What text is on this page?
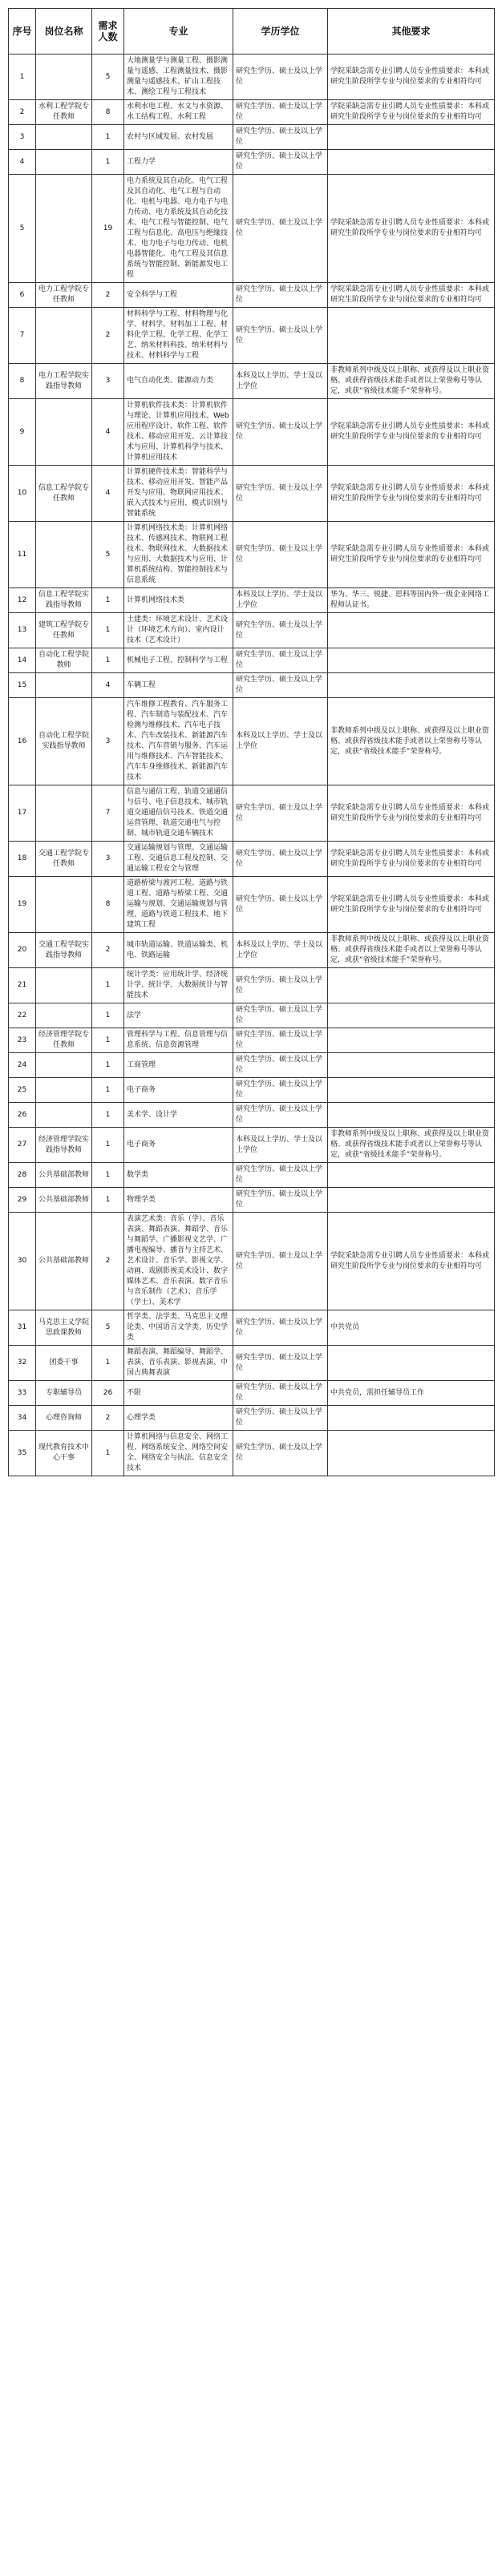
序号	岗位名称	需求人数	专业	学历学位	其他要求
1		5	大地测量学与测量工程、摄影测量与遥感、工程测量技术、摄影测量与遥感技术、矿山工程技术、测绘工程与工程技术	研究生学历、硕士及以上学位	学院采缺急需专业引聘人员专业性质要求：本科或研究生阶段所学专业与岗位要求的专业相符均可
2	水利工程学院专任教师	8	水利水电工程、水文与水资源、水工结构工程、水利工程	研究生学历、硕士及以上学位	学院采缺急需专业引聘人员专业性质要求：本科或研究生阶段所学专业与岗位要求的专业相符均可
3		1	农村与区域发展、农村发展	研究生学历、硕士及以上学位	
4		1	工程力学	研究生学历、硕士及以上学位	
5		19	电力系统及其自动化、电气工程及其自动化、电气工程与自动化、电机与电器、电力电子与电力传动、电力系统及其自动化技术、电气工程与智能控制、电气工程与信息化、高电压与绝缘技术、电力电子与电力传动、电机电器智能化、电气工程及其信息系统与智能控制、新能源发电工程	研究生学历、硕士及以上学位	学院采缺急需专业引聘人员专业性质要求：本科或研究生阶段所学专业与岗位要求的专业相符均可
6	电力工程学院专任教师	2	安全科学与工程	研究生学历、硕士及以上学位	学院采缺急需专业引聘人员专业性质要求：本科或研究生阶段所学专业与岗位要求的专业相符均可
7		2	材料科学与工程、材料物理与化学、材料学、材料加工工程、材料化学工程、化学工程、化学工艺、纳米材料科技、纳米材料与技术、材料科学与工程	研究生学历、硕士及以上学位	
8	电力工程学院实践指导教师	3	电气自动化类、能源动力类	本科及以上学历、学士及以上学位	非教师系列中级及以上职称、或获得及以上职业资格、或获得省级技术能手或者以上荣誉称号等认定，或获“省级技术能手”荣誉称号。
9		4	计算机软件技术类：计算机软件与理论、计算机应用技术、Web应用程序设计、软件工程、软件技术、移动应用开发、云计算技术与应用、计算机科学与技术、计算机应用技术	研究生学历、硕士及以上学位	学院采缺急需专业引聘人员专业性质要求：本科或研究生阶段所学专业与岗位要求的专业相符均可
10	信息工程学院专任教师	4	计算机硬件技术类：智能科学与技术、移动应用开发、智能产品开发与应用、物联网应用技术、嵌入式技术与应用、模式识别与智能系统	研究生学历、硕士及以上学位	学院采缺急需专业引聘人员专业性质要求：本科或研究生阶段所学专业与岗位要求的专业相符均可
11		5	计算机网络技术类：计算机网络技术、传感网技术、物联网工程技术、物联网技术、大数据技术与应用、大数据技术与应用、计算机系统结构、智能控制技术与信息系统	研究生学历、硕士及以上学位	学院采缺急需专业引聘人员专业性质要求：本科或研究生阶段所学专业与岗位要求的专业相符均可
12	信息工程学院实践指导教师	1	计算机网络技术类	本科及以上学历、学士及以上学位	华为、华三、锐捷、思科等国内外一级企业网络工程师认证书。
13	建筑工程学院专任教师	1	土建类：环境艺术设计、艺术设计（环境艺术方向）、室内设计技术（艺术设计）	研究生学历、硕士及以上学位	
14	自动化工程学院教师	1	机械电子工程、控制科学与工程	研究生学历、硕士及以上学位	
15		4	车辆工程	研究生学历、硕士及以上学位	
16	自动化工程学院实践指导教师	3	汽车维修工程教育、汽车服务工程、汽车制造与装配技术、汽车检测与维修技术、汽车电子技术、汽车改装技术、新能源汽车技术、汽车营销与服务、汽车运用与维修技术、汽车智能技术、汽车车身维修技术、新能源汽车技术	本科及以上学历、学士及以上学位	非教师系列中级及以上职称、或获得及以上职业资格、或获得省级技术能手或者以上荣誉称号等认定，或获“省级技术能手”荣誉称号。
17		7	信息与通信工程、轨道交通通信与信号、电子信息技术、城市轨道交通通信信号技术、铁道交通运营管理、轨道交通电气与控制、城市轨道交通车辆技术	研究生学历、硕士及以上学位	学院采缺急需专业引聘人员专业性质要求：本科或研究生阶段所学专业与岗位要求的专业相符均可
18	交通工程学院专任教师	3	交通运输规划与管理、交通运输工程、交通信息工程及控制、交通运输工程安全与管理	研究生学历、硕士及以上学位	学院采缺急需专业引聘人员专业性质要求：本科或研究生阶段所学专业与岗位要求的专业相符均可
19		8	道路桥梁与渡河工程、道路与铁道工程、道路与桥梁工程、交通运输与规划、交通运输规划与管理、道路与铁道工程技术、地下建筑工程	研究生学历、硕士及以上学位	学院采缺急需专业引聘人员专业性质要求：本科或研究生阶段所学专业与岗位要求的专业相符均可
20	交通工程学院实践指导教师	2	城市轨道运输、铁道运输类、机电、铁路运输	本科及以上学历、学士及以上学位	非教师系列中级及以上职称、或获得及以上职业资格、或获得省级技术能手或者以上荣誉称号等认定，或获“省级技术能手”荣誉称号。
21		1	统计学类：应用统计学、经济统计学、统计学、大数据统计与智能技术	研究生学历、硕士及以上学位	
22		1	法学	研究生学历、硕士及以上学位	
23	经济管理学院专任教师	1	管理科学与工程、信息管理与信息系统、信息资源管理	研究生学历、硕士及以上学位	
24		1	工商管理	研究生学历、硕士及以上学位	
25		1	电子商务	研究生学历、硕士及以上学位	
26		1	美术学、设计学	研究生学历、硕士及以上学位	
27	经济管理学院实践指导教师	1	电子商务	本科及以上学历、学士及以上学位	非教师系列中级及以上职称、或获得及以上职业资格、或获得省级技术能手或者以上荣誉称号等认定，或获“省级技术能手”荣誉称号。
28	公共基础部教师	1	数学类	研究生学历、硕士及以上学位	
29	公共基础部教师	1	物理学类	研究生学历、硕士及以上学位	
30	公共基础部教师	2	表演艺术类：音乐（学）、音乐表演、舞蹈表演、舞蹈学、音乐与舞蹈学、广播影视文艺学、广播电视编导、播音与主持艺术、艺术设计、音乐学、影视文学、动画、戏剧影视美术设计、数字媒体艺术、音乐表演、数字音乐与音乐制作（艺术）、音乐学（学士）、美术学	研究生学历、硕士及以上学位	学院采缺急需专业引聘人员专业性质要求：本科或研究生阶段所学专业与岗位要求的专业相符均可
31	马克思主义学院思政课教师	5	哲学类、法学类、马克思主义理论类、中国语言文学类、历史学类	研究生学历、硕士及以上学位	中共党员
32	团委干事	1	舞蹈表演、舞蹈编导、舞蹈学、表演、音乐表演、影视表演、中国古典舞表演	研究生学历、硕士及以上学位	
33	专职辅导员	26	不限	研究生学历、硕士及以上学位	中共党员，需担任辅导员工作
34	心理咨询师	2	心理学类	研究生学历、硕士及以上学位	
35	现代教育技术中心干事	1	计算机网络与信息安全、网络工程、网络系统安全、网络空间安全、网络安全与执法、信息安全技术	研究生学历、硕士及以上学位	
